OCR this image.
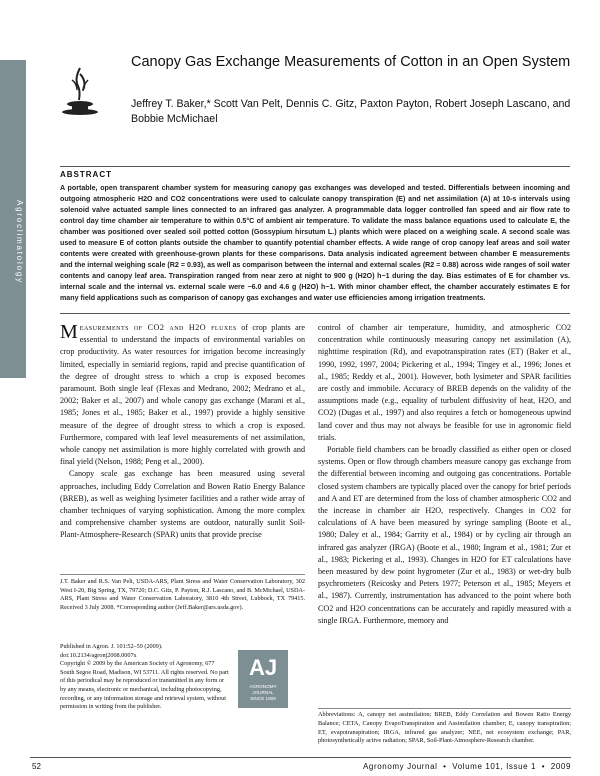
Agroclimatology
Canopy Gas Exchange Measurements of Cotton in an Open System
Jeffrey T. Baker,* Scott Van Pelt, Dennis C. Gitz, Paxton Payton, Robert Joseph Lascano, and Bobbie McMichael
ABSTRACT
A portable, open transparent chamber system for measuring canopy gas exchanges was developed and tested. Differentials between incoming and outgoing atmospheric H2O and CO2 concentrations were used to calculate canopy transpiration (E) and net assimilation (A) at 10-s intervals using solenoid valve actuated sample lines connected to an infrared gas analyzer. A programmable data logger controlled fan speed and air flow rate to control day time chamber air temperature to within 0.5°C of ambient air temperature. To validate the mass balance equations used to calculate E, the chamber was positioned over sealed soil potted cotton (Gossypium hirsutum L.) plants which were placed on a weighing scale. A second scale was used to measure E of cotton plants outside the chamber to quantify potential chamber effects. A wide range of crop canopy leaf areas and soil water contents were created with greenhouse-grown plants for these comparisons. Data analysis indicated agreement between chamber E measurements and the internal weighing scale (R2 = 0.93), as well as comparison between the internal and external scales (R2 = 0.88) across wide ranges of soil water contents and canopy leaf area. Transpiration ranged from near zero at night to 900 g (H2O) h−1 during the day. Bias estimates of E for chamber vs. internal scale and the internal vs. external scale were −6.0 and 4.6 g (H2O) h−1. With minor chamber effect, the chamber accurately estimates E for many field applications such as comparison of canopy gas exchanges and water use efficiencies among irrigation treatments.

Measurements of CO2 and H2O fluxes of crop plants are essential to understand the impacts of environmental variables on crop productivity. As water resources for irrigation become increasingly limited, especially in semiarid regions, rapid and precise quantification of the degree of drought stress to which a crop is exposed becomes paramount. Both single leaf (Flexas and Medrano, 2002; Medrano et al., 2002; Baker et al., 2007) and whole canopy gas exchange (Marani et al., 1985; Jones et al., 1985; Baker et al., 1997) provide a highly sensitive measure of the degree of drought stress to which a crop is exposed. Furthermore, compared with leaf level measurements of net assimilation, whole canopy net assimilation is more highly correlated with growth and final yield (Nelson, 1988; Peng et al., 2000).

Canopy scale gas exchange has been measured using several approaches, including Eddy Correlation and Bowen Ratio Energy Balance (BREB), as well as weighing lysimeter facilities and a rather wide array of chamber techniques of varying sophistication. Among the more complex and comprehensive chamber systems are outdoor, naturally sunlit Soil-Plant-Atmosphere-Research (SPAR) units that provide precise

control of chamber air temperature, humidity, and atmospheric CO2 concentration while continuously measuring canopy net assimilation (A), nighttime respiration (Rd), and evapotranspiration rates (ET) (Baker et al., 1990, 1992, 1997, 2004; Pickering et al., 1994; Tingey et al., 1996; Jones et al., 1985; Reddy et al., 2001). However, both lysimeter and SPAR facilities are costly and immobile. Accuracy of BREB depends on the validity of the assumptions made (e.g., equality of turbulent diffusivity of heat, H2O, and CO2) (Dugas et al., 1997) and also requires a fetch or homogeneous upwind land cover and thus may not always be feasible for use in agronomic field trials.

Portable field chambers can be broadly classified as either open or closed systems. Open or flow through chambers measure canopy gas exchange from the differential between incoming and outgoing gas concentrations. Portable closed system chambers are typically placed over the canopy for brief periods and A and ET are determined from the loss of chamber atmospheric CO2 and the increase in chamber air H2O, respectively. Changes in CO2 for calculations of A have been measured by syringe sampling (Boote et al., 1980; Daley et al., 1984; Garrity et al., 1984) or by cycling air through an infrared gas analyzer (IRGA) (Boote et al., 1980; Ingram et al., 1981; Zur et al., 1983; Pickering et al., 1993). Changes in H2O for ET calculations have been measured by dew point hygrometer (Zur et al., 1983) or wet-dry bulb psychrometers (Reicosky and Peters 1977; Peterson et al., 1985; Meyers et al., 1987). Currently, instrumentation has advanced to the point where both CO2 and H2O concentrations can be accurately and rapidly measured with a single IRGA. Furthermore, memory and

J.T. Baker and R.S. Van Pelt, USDA-ARS, Plant Stress and Water Conservation Laboratory, 302 West I-20, Big Spring, TX, 79720; D.C. Gitz, P. Payton, R.J. Lascano, and B. McMichael, USDA-ARS, Plant Stress and Water Conservation Laboratory, 3810 4th Street, Lubbock, TX 79415. Received 3 July 2008. *Corresponding author (Jeff.Baker@ars.usda.gov).
Published in Agron. J. 101:52–59 (2009).
doi:10.2134/agronj2008.0007x
Copyright © 2009 by the American Society of Agronomy, 677 South Segoe Road, Madison, WI 53711. All rights reserved. No part of this periodical may be reproduced or transmitted in any form or by any means, electronic or mechanical, including photocopying, recording, or any information storage and retrieval system, without permission in writing from the publisher.
AJ
AGRONOMY
JOURNAL
SINCE 1908
Abbreviations: A, canopy net assimilation; BREB, Eddy Correlation and Bowen Ratio Energy Balance; CETA, Canopy EvapoTranspiration and Assimilation chamber; E, canopy transpiration; ET, evapotranspiration; IRGA, infrared gas analyzer; NEE, net ecosystem exchange; PAR, photosynthetically active radiation; SPAR, Soil-Plant-Atmosphere-Research chamber.
52	Agronomy Journal  •  Volume 101, Issue 1  •  2009
